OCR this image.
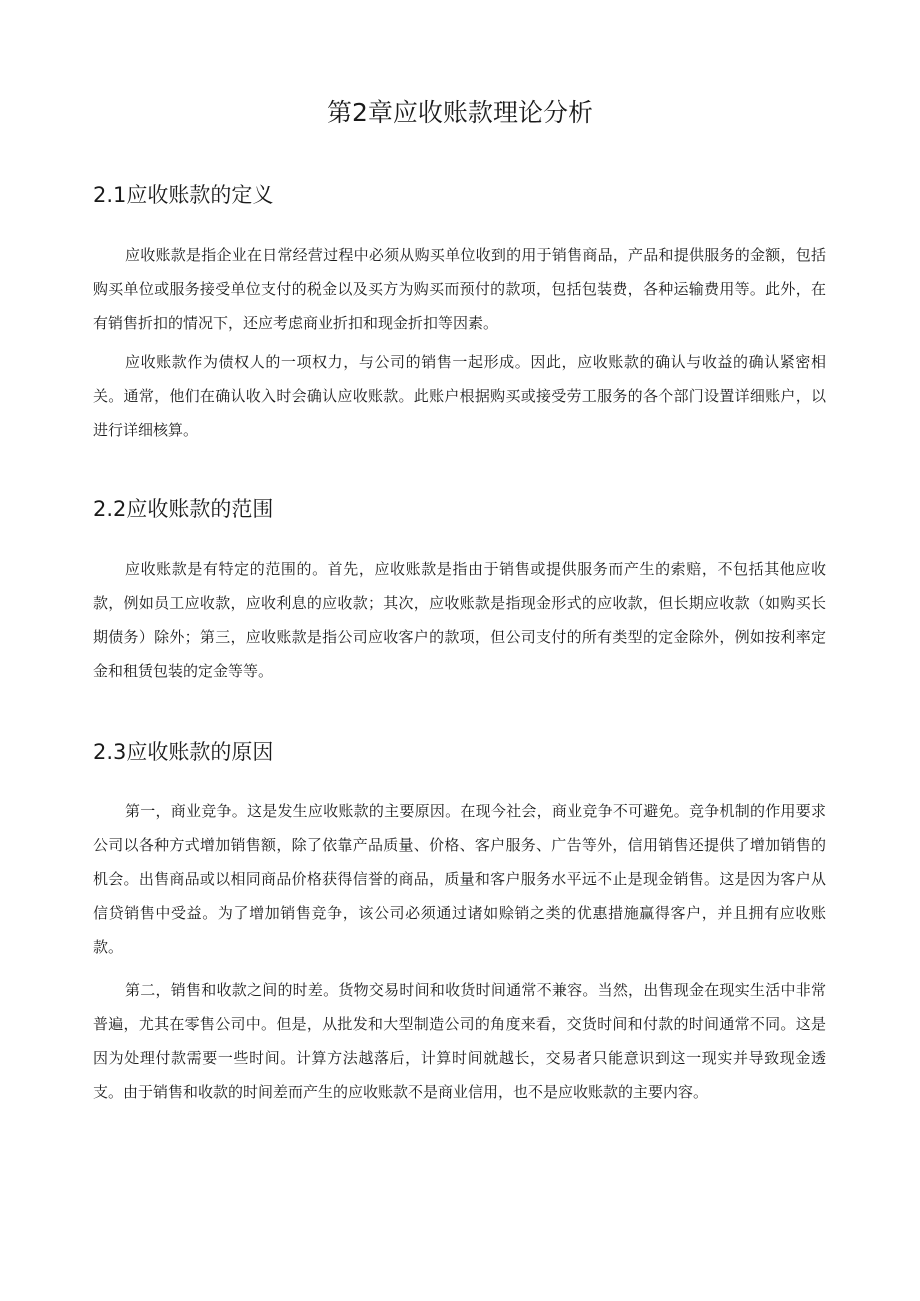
第2章应收账款理论分析
2.1应收账款的定义

应收账款是指企业在日常经营过程中必须从购买单位收到的用于销售商品，产品和提供服务的金额，包括购买单位或服务接受单位支付的税金以及买方为购买而预付的款项，包括包装费，各种运输费用等。此外，在有销售折扣的情况下，还应考虑商业折扣和现金折扣等因素。

应收账款作为债权人的一项权力，与公司的销售一起形成。因此，应收账款的确认与收益的确认紧密相关。通常，他们在确认收入时会确认应收账款。此账户根据购买或接受劳工服务的各个部门设置详细账户，以进行详细核算。

2.2应收账款的范围

应收账款是有特定的范围的。首先，应收账款是指由于销售或提供服务而产生的索赔，不包括其他应收款，例如员工应收款，应收利息的应收款；其次，应收账款是指现金形式的应收款，但长期应收款（如购买长期债务）除外；第三，应收账款是指公司应收客户的款项，但公司支付的所有类型的定金除外，例如按利率定金和租赁包装的定金等等。

2.3应收账款的原因

第一，商业竞争。这是发生应收账款的主要原因。在现今社会，商业竞争不可避免。竞争机制的作用要求公司以各种方式增加销售额，除了依靠产品质量、价格、客户服务、广告等外，信用销售还提供了增加销售的机会。出售商品或以相同商品价格获得信誉的商品，质量和客户服务水平远不止是现金销售。这是因为客户从信贷销售中受益。为了增加销售竞争，该公司必须通过诸如赊销之类的优惠措施赢得客户，并且拥有应收账款。

第二，销售和收款之间的时差。货物交易时间和收货时间通常不兼容。当然，出售现金在现实生活中非常普遍，尤其在零售公司中。但是，从批发和大型制造公司的角度来看，交货时间和付款的时间通常不同。这是因为处理付款需要一些时间。计算方法越落后，计算时间就越长，交易者只能意识到这一现实并导致现金透支。由于销售和收款的时间差而产生的应收账款不是商业信用，也不是应收账款的主要内容。
